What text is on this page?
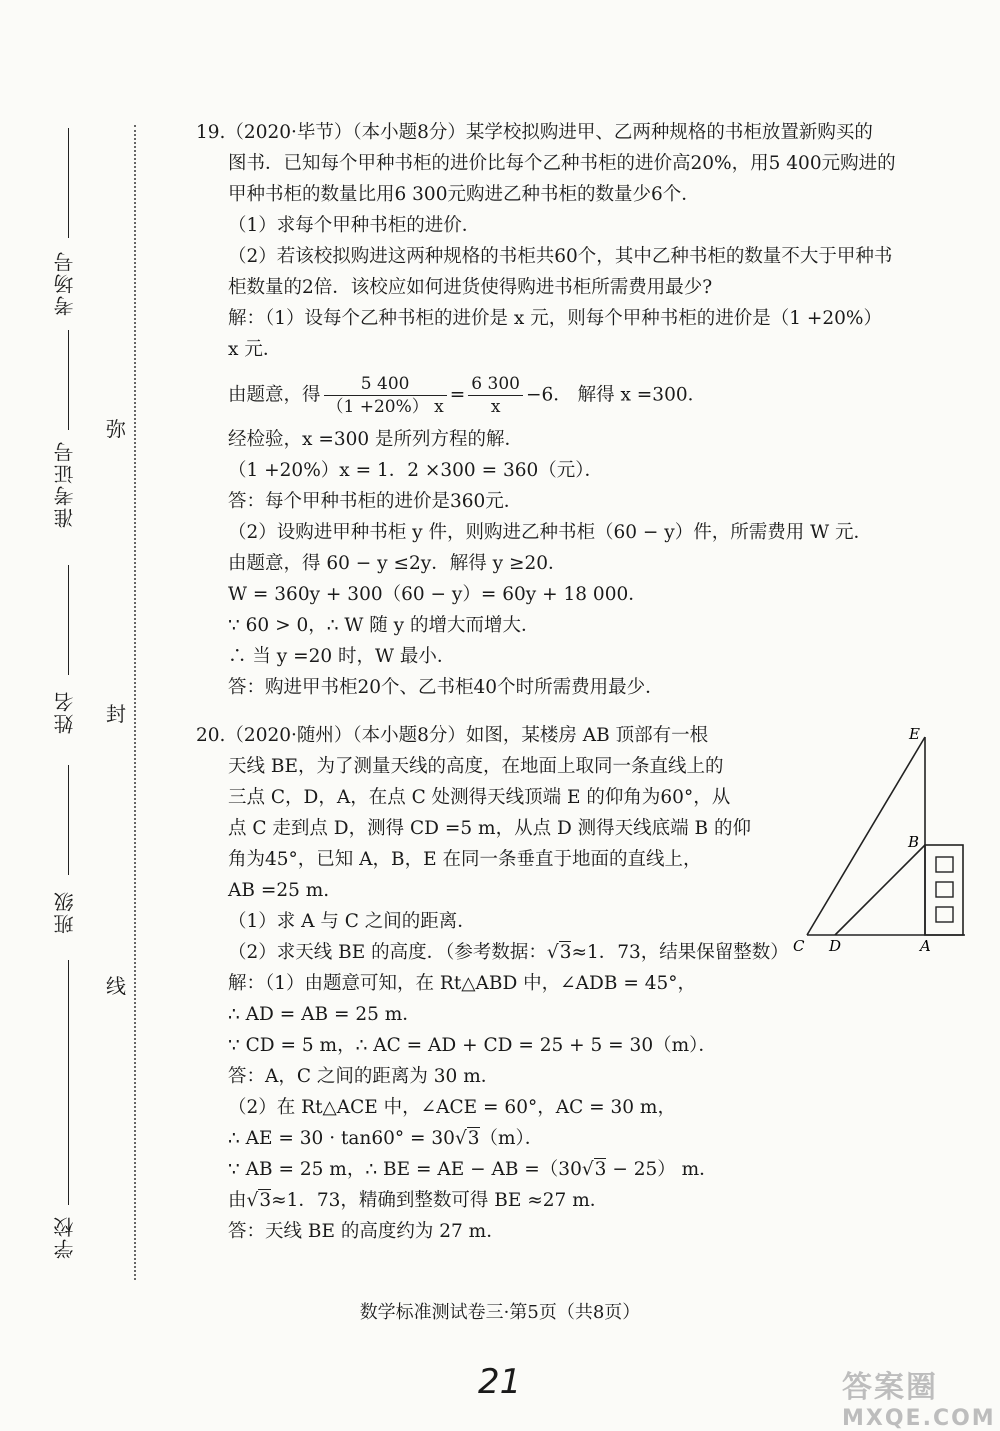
考场号
准考证号
姓名
班级
学校
弥
封
线

19.（2020·毕节）（本小题8分）某学校拟购进甲、乙两种规格的书柜放置新购买的

图书．已知每个甲种书柜的进价比每个乙种书柜的进价高20%，用5 400元购进的

甲种书柜的数量比用6 300元购进乙种书柜的数量少6个．

（1）求每个甲种书柜的进价．

（2）若该校拟购进这两种规格的书柜共60个，其中乙种书柜的数量不大于甲种书

柜数量的2倍．该校应如何进货使得购进书柜所需费用最少?

解：（1）设每个乙种书柜的进价是 x 元，则每个甲种书柜的进价是（1 +20%）

x 元．

由题意，得 $\frac{5 400}{(1 +20\%) x} = \frac{6 300}{x} -6$． 解得 x =300．

经检验，x =300 是所列方程的解．

（1 +20%）x = 1．2 ×300 = 360（元）．

答：每个甲种书柜的进价是360元．

（2）设购进甲种书柜 y 件，则购进乙种书柜（60 − y）件，所需费用 W 元．

由题意，得 60 − y ≤2y．解得 y ≥20．

W = 360y + 300（60 − y）= 60y + 18 000．

∵ 60 > 0，∴ W 随 y 的增大而增大．

∴ 当 y =20 时，W 最小．

答：购进甲书柜20个、乙书柜40个时所需费用最少．

20.（2020·随州）（本小题8分）如图，某楼房 AB 顶部有一根

天线 BE，为了测量天线的高度，在地面上取同一条直线上的

三点 C，D，A，在点 C 处测得天线顶端 E 的仰角为60°，从

点 C 走到点 D，测得 CD =5 m，从点 D 测得天线底端 B 的仰

角为45°，已知 A，B，E 在同一条垂直于地面的直线上，

AB =25 m.

（1）求 A 与 C 之间的距离．

（2）求天线 BE 的高度．（参考数据：√3≈1．73，结果保留整数）

解：（1）由题意可知，在 Rt△ABD 中，∠ADB = 45°，

∴ AD = AB = 25 m．

∵ CD = 5 m，∴ AC = AD + CD = 25 + 5 = 30（m）．

答：A，C 之间的距离为 30 m．

（2）在 Rt△ACE 中，∠ACE = 60°，AC = 30 m，

∴ AE = 30 · tan60° = 30√3（m）．

∵ AB = 25 m，∴ BE = AE − AB =（30√3 − 25） m．

由√3≈1．73，精确到整数可得 BE ≈27 m．

答：天线 BE 的高度约为 27 m．

E
B
C D	A
数学标准测试卷三·第5页（共8页）
21	答案圈
MXQE.COM
